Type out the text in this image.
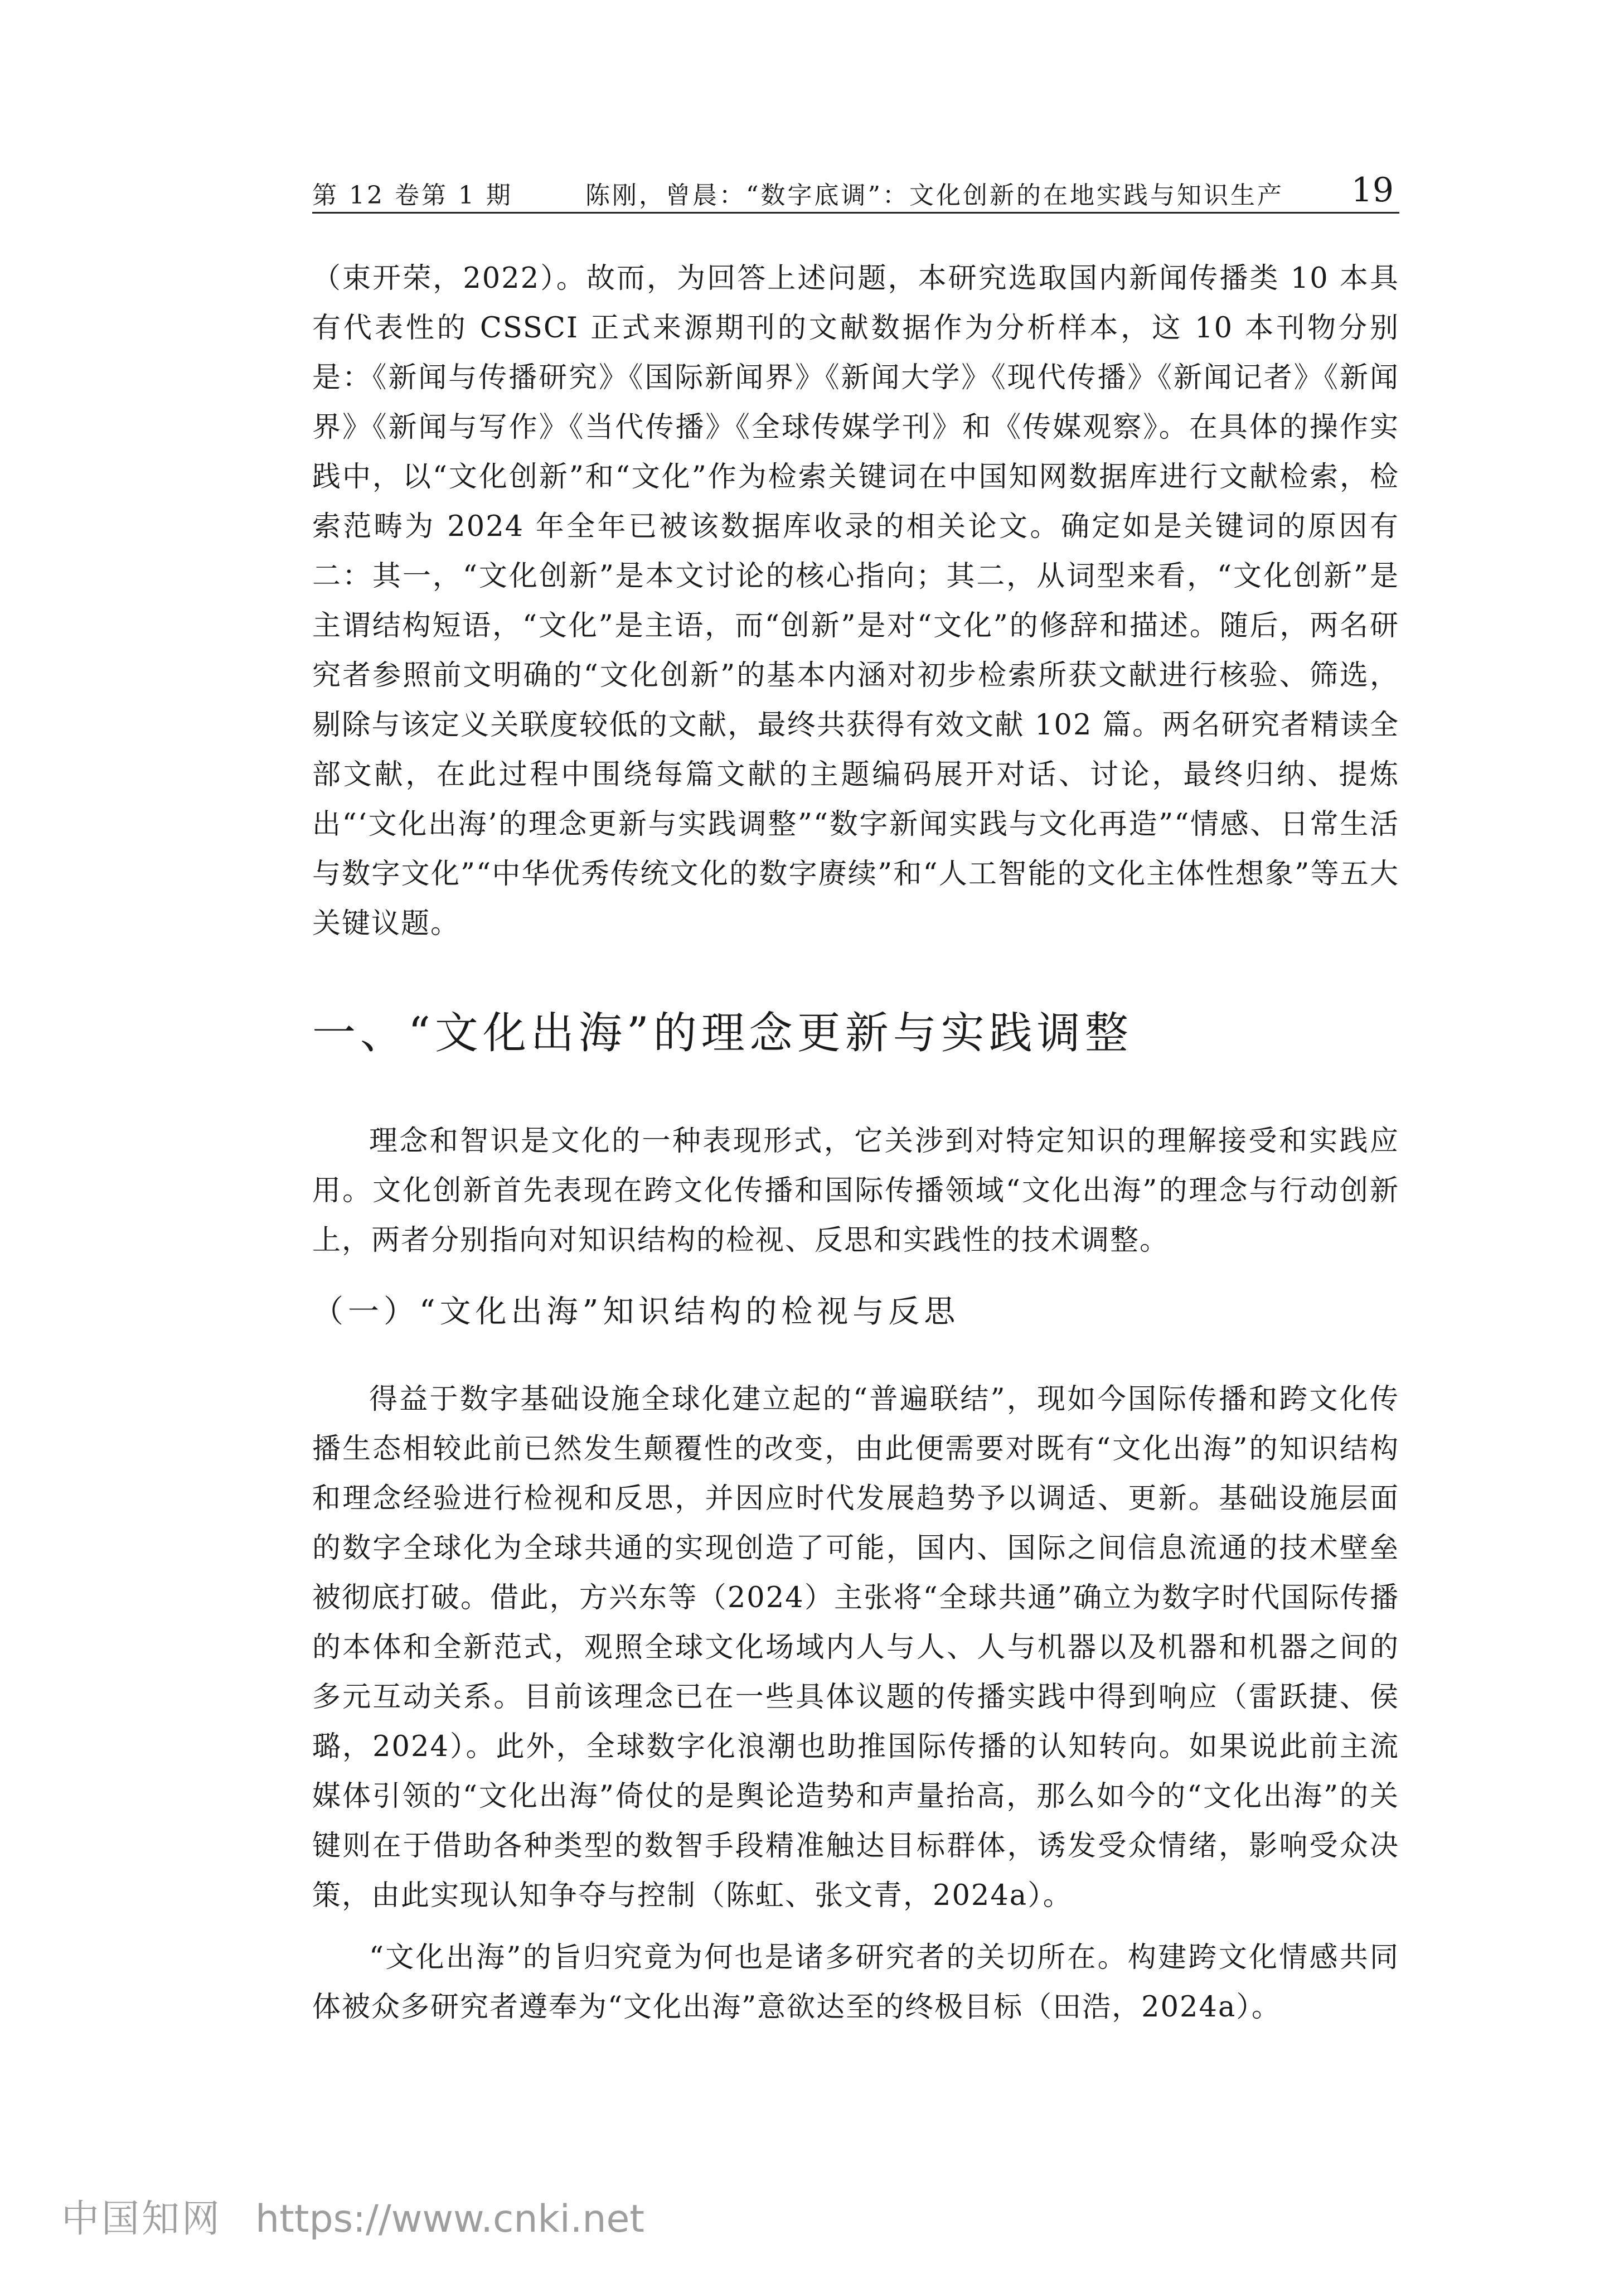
第 12 卷第 1 期	陈刚，曾晨：“数字底调”：文化创新的在地实践与知识生产 19

（束开荣，2022）。故而，为回答上述问题，本研究选取国内新闻传播类 10 本具有代表性的 CSSCI 正式来源期刊的文献数据作为分析样本，这 10 本刊物分别是：《新闻与传播研究》《国际新闻界》《新闻大学》《现代传播》《新闻记者》《新闻界》《新闻与写作》《当代传播》《全球传媒学刊》和《传媒观察》。在具体的操作实践中，以“文化创新”和“文化”作为检索关键词在中国知网数据库进行文献检索，检索范畴为 2024 年全年已被该数据库收录的相关论文。确定如是关键词的原因有二：其一，“文化创新”是本文讨论的核心指向；其二，从词型来看，“文化创新”是主谓结构短语，“文化”是主语，而“创新”是对“文化”的修辞和描述。随后，两名研究者参照前文明确的“文化创新”的基本内涵对初步检索所获文献进行核验、筛选，剔除与该定义关联度较低的文献，最终共获得有效文献 102 篇。两名研究者精读全部文献，在此过程中围绕每篇文献的主题编码展开对话、讨论，最终归纳、提炼出“‘文化出海’的理念更新与实践调整”“数字新闻实践与文化再造”“情感、日常生活与数字文化”“中华优秀传统文化的数字赓续”和“人工智能的文化主体性想象”等五大关键议题。

一、“文化出海”的理念更新与实践调整

理念和智识是文化的一种表现形式，它关涉到对特定知识的理解接受和实践应用。文化创新首先表现在跨文化传播和国际传播领域“文化出海”的理念与行动创新上，两者分别指向对知识结构的检视、反思和实践性的技术调整。

（一）“文化出海”知识结构的检视与反思

得益于数字基础设施全球化建立起的“普遍联结”，现如今国际传播和跨文化传播生态相较此前已然发生颠覆性的改变，由此便需要对既有“文化出海”的知识结构和理念经验进行检视和反思，并因应时代发展趋势予以调适、更新。基础设施层面的数字全球化为全球共通的实现创造了可能，国内、国际之间信息流通的技术壁垒被彻底打破。借此，方兴东等（2024）主张将“全球共通”确立为数字时代国际传播的本体和全新范式，观照全球文化场域内人与人、人与机器以及机器和机器之间的多元互动关系。目前该理念已在一些具体议题的传播实践中得到响应（雷跃捷、侯璐，2024）。此外，全球数字化浪潮也助推国际传播的认知转向。如果说此前主流媒体引领的“文化出海”倚仗的是舆论造势和声量抬高，那么如今的“文化出海”的关键则在于借助各种类型的数智手段精准触达目标群体，诱发受众情绪，影响受众决策，由此实现认知争夺与控制（陈虹、张文青，2024a）。

“文化出海”的旨归究竟为何也是诸多研究者的关切所在。构建跨文化情感共同体被众多研究者遵奉为“文化出海”意欲达至的终极目标（田浩，2024a）。

中国知网 https://www.cnki.net
